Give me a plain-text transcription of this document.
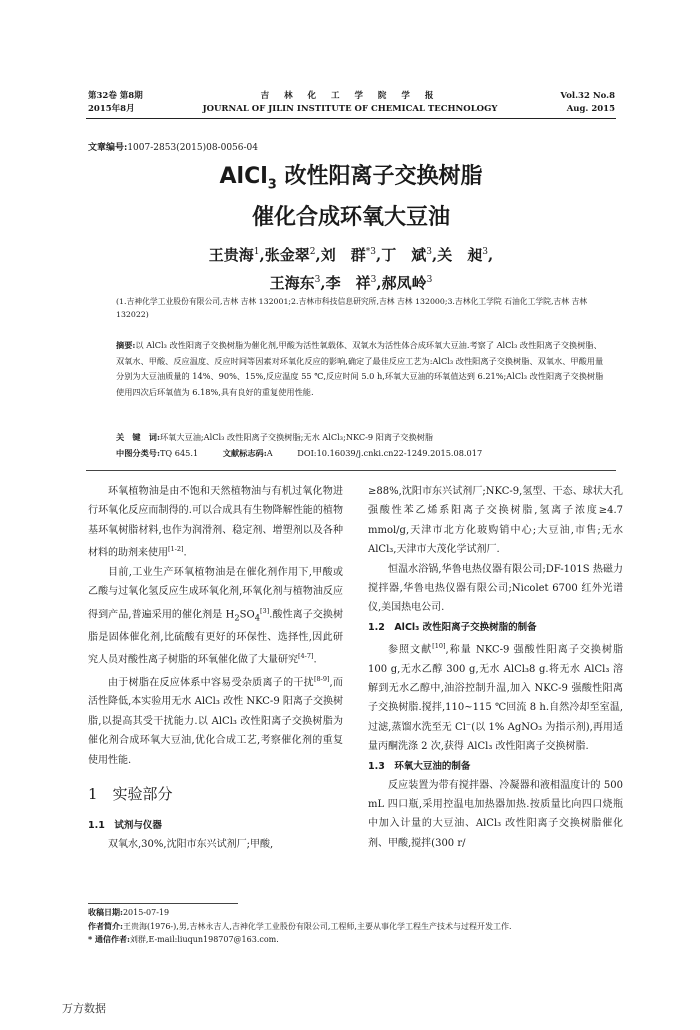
第32卷 第8期
2015年8月
吉 林 化 工 学 院 学 报
JOURNAL OF JILIN INSTITUTE OF CHEMICAL TECHNOLOGY
Vol.32 No.8
Aug. 2015
文章编号:1007-2853(2015)08-0056-04
AlCl$_3$ 改性阳离子交换树脂
催化合成环氧大豆油
王贵海$^1$,张金翠$^2$,刘　群$^{*3}$,丁　斌$^3$,关　昶$^3$,
王海东$^3$,李　祥$^3$,郝凤岭$^3$
(1.吉神化学工业股份有限公司,吉林 吉林 132001;2.吉林市科技信息研究所,吉林 吉林 132000;3.吉林化工学院 石油化工学院,吉林 吉林 132022)
摘要:以 AlCl₃ 改性阳离子交换树脂为催化剂,甲酸为活性氧载体、双氧水为活性体合成环氧大豆油.考察了 AlCl₃ 改性阳离子交换树脂、双氧水、甲酸、反应温度、反应时间等因素对环氧化反应的影响,确定了最佳反应工艺为:AlCl₃ 改性阳离子交换树脂、双氧水、甲酸用量分别为大豆油质量的 14%、90%、15%,反应温度 55 ℃,反应时间 5.0 h,环氧大豆油的环氧值达到 6.21%;AlCl₃ 改性阳离子交换树脂使用四次后环氧值为 6.18%,具有良好的重复使用性能.
关　键　词:环氧大豆油;AlCl₃ 改性阳离子交换树脂;无水 AlCl₃;NKC-9 阳离子交换树脂
中图分类号:TQ 645.1	文献标志码:A	DOI:10.16039/j.cnki.cn22-1249.2015.08.017

环氧植物油是由不饱和天然植物油与有机过氧化物进行环氧化反应而制得的.可以合成具有生物降解性能的植物基环氧树脂材料,也作为润滑剂、稳定剂、增塑剂以及各种材料的助剂来使用[1-2].

目前,工业生产环氧植物油是在催化剂作用下,甲酸或乙酸与过氧化氢反应生成环氧化剂,环氧化剂与植物油反应得到产品,普遍采用的催化剂是 $H_2SO_4[3]$.酸性离子交换树脂是固体催化剂,比硫酸有更好的环保性、选择性,因此研究人员对酸性离子树脂的环氧催化做了大量研究[4-7].

由于树脂在反应体系中容易受杂质离子的干扰[8-9],而活性降低,本实验用无水 AlCl₃ 改性 NKC-9 阳离子交换树脂,以提高其受干扰能力.以 AlCl₃ 改性阳离子交换树脂为催化剂合成环氧大豆油,优化合成工艺,考察催化剂的重复使用性能.

1　实验部分
1.1　试剂与仪器

双氧水,30%,沈阳市东兴试剂厂;甲酸,

≥88%,沈阳市东兴试剂厂;NKC-9,氢型、干态、球状大孔强酸性苯乙烯系阳离子交换树脂,氢离子浓度≥4.7 mmol/g,天津市北方化玻购销中心;大豆油,市售;无水 AlCl₃,天津市大茂化学试剂厂.

恒温水浴锅,华鲁电热仪器有限公司;DF-101S 热磁力搅拌器,华鲁电热仪器有限公司;Nicolet 6700 红外光谱仪,美国热电公司.

1.2　AlCl₃ 改性阳离子交换树脂的制备

参照文献[10],称量 NKC-9 强酸性阳离子交换树脂 100 g,无水乙醇 300 g,无水 AlCl₃8 g.将无水 AlCl₃ 溶解到无水乙醇中,油浴控制升温,加入 NKC-9 强酸性阳离子交换树脂.搅拌,110~115 ℃回流 8 h.自然冷却至室温,过滤,蒸馏水洗至无 Cl⁻(以 1% AgNO₃ 为指示剂),再用适量丙酮洗涤 2 次,获得 AlCl₃ 改性阳离子交换树脂.

1.3　环氧大豆油的制备

反应装置为带有搅拌器、冷凝器和液相温度计的 500 mL 四口瓶,采用控温电加热器加热.按质量比向四口烧瓶中加入计量的大豆油、AlCl₃ 改性阳离子交换树脂催化剂、甲酸,搅拌(300 r/

收稿日期:2015-07-19
作者简介:王贵海(1976-),男,吉林永吉人,吉神化学工业股份有限公司,工程师,主要从事化学工程生产技术与过程开发工作.
* 通信作者:刘群,E-mail:liuqun198707@163.com.
万方数据
